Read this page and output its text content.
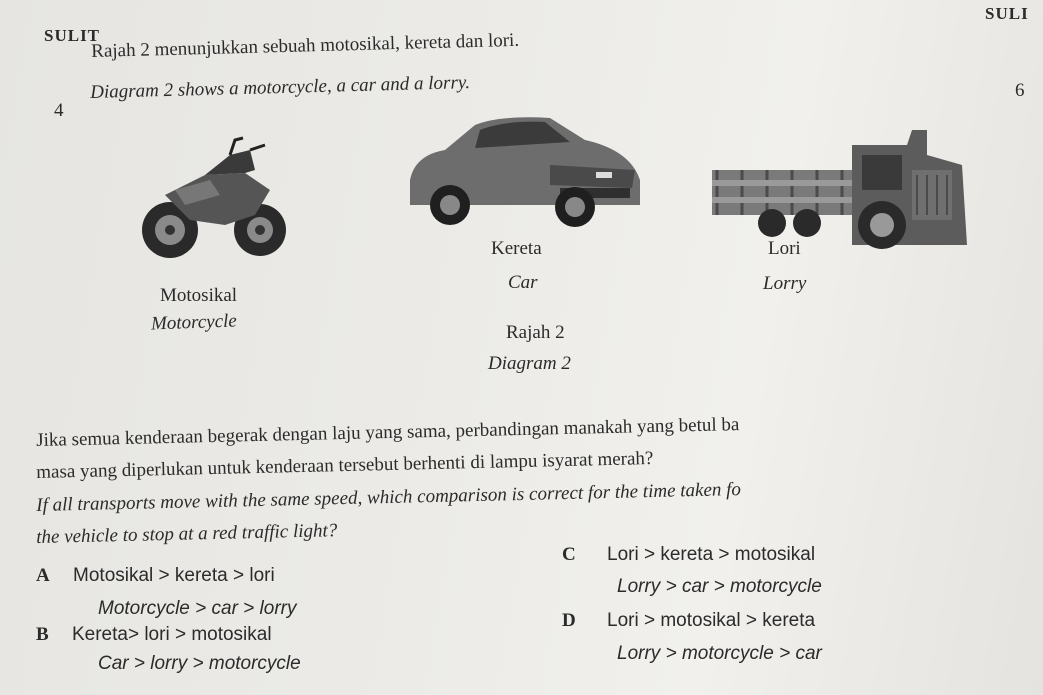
SULIT
SULI
6
4
Rajah 2 menunjukkan sebuah motosikal, kereta dan lori.
Diagram 2 shows a motorcycle, a car and a lorry.
Motosikal
Motorcycle
Kereta
Car
Lori
Lorry
Rajah 2
Diagram 2
Jika semua kenderaan begerak dengan laju yang sama, perbandingan manakah yang betul ba
masa yang diperlukan untuk kenderaan tersebut berhenti di lampu isyarat merah?
If all transports move with the same speed, which comparison is correct for the time taken fo
the vehicle to stop at a red traffic light?
A Motosikal > kereta > lori
Motorcycle > car > lorry
B Kereta> lori > motosikal
Car > lorry > motorcycle
C Lori > kereta > motosikal
Lorry > car > motorcycle
D Lori > motosikal > kereta
Lorry > motorcycle > car
